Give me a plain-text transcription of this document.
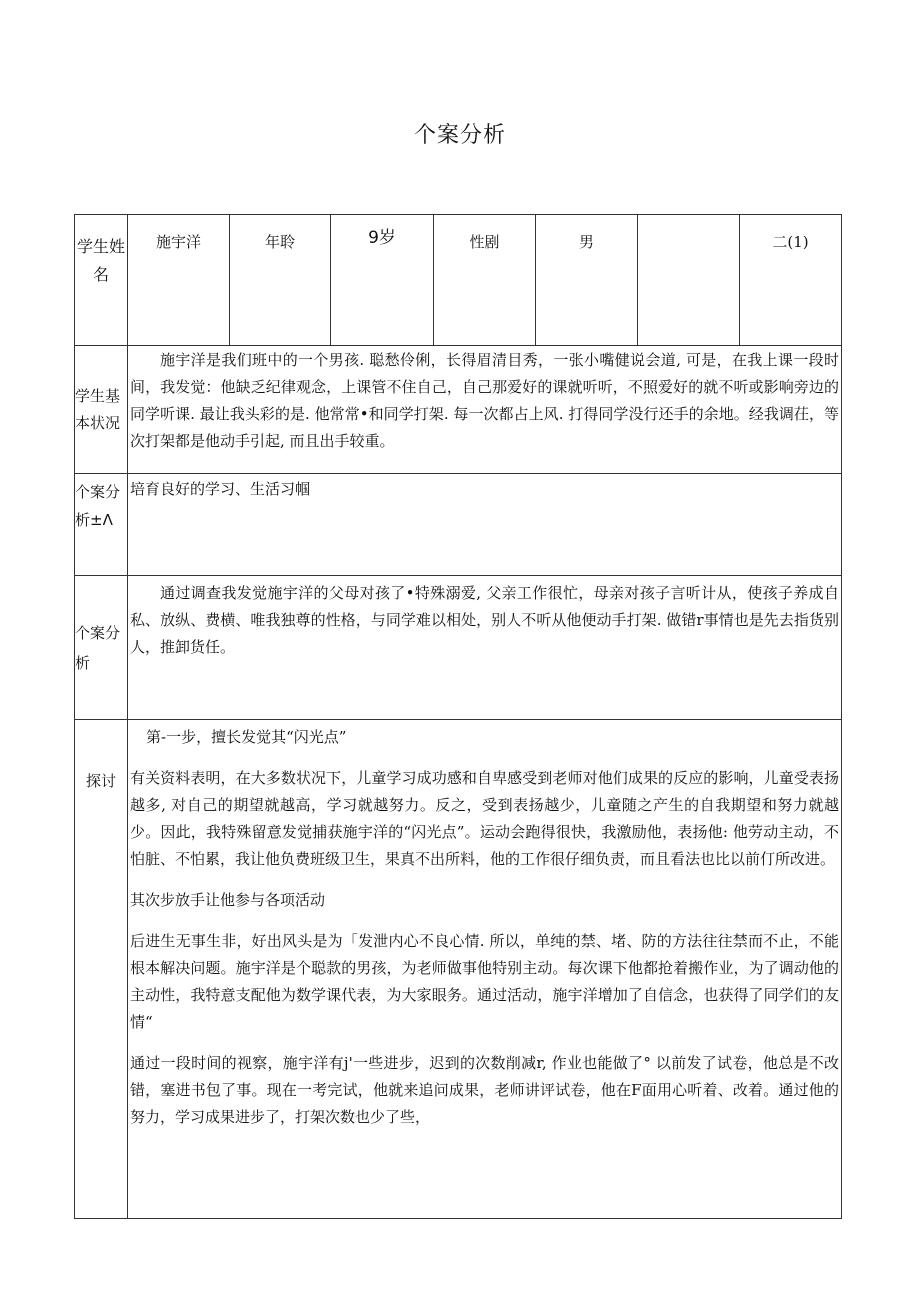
个案分析
学生姓名	施宇洋	年聆	9岁	性剧	男		二(1)
学生基本状况	施宇洋是我们班中的一个男孩. 聪愁伶俐，长得眉清目秀，一张小嘴健说会道, 可是，在我上课一段时间，我发觉：他缺乏纪律观念，上课管不住自己，自己那爱好的课就听听，不照爱好的就不听或影响旁边的同学听课. 最让我头彩的是. 他常常•和同学打架. 每一次都占上风. 打得同学没行还手的余地。经我调茌，等次打架都是他动手引起, 而且出手较重。						
个案分析±Λ	培育良好的学习、生活习帼						
个案分析	通过调查我发觉施宇洋的父母对孩了•特殊溺爱, 父亲工作很忙，母亲对孩子言听计从，使孩子养成自私、放纵、费横、唯我独尊的性格，与同学难以相处，别人不听从他便动手打架. 做错r事情也是先去指货别人，推卸货任。						
探讨	第-一步，擅长发觉其“闪光点”

有关资料表明，在大多数状况下，儿童学习成功感和自卑感受到老师对他们成果的反应的影响，儿童受表扬越多, 对自己的期望就越高，学习就越努力。反之，受到表扬越少，儿童随之产生的自我期望和努力就越少。因此，我特殊留意发觉捕获施宇洋的“闪光点”。运动会跑得很快，我激励他，表扬他: 他劳动主动，不怕脏、不怕累，我让他负费班级卫生，果真不出所料，他的工作很仔细负责，而且看法也比以前仃所改进。

其次步放手让他参与各项活动

后进生无事生非，好出风头是为「发泄内心不良心情. 所以，单纯的禁、堵、防的方法往往禁而不止，不能根本解决问题。施宇洋是个聪款的男孩，为老师做事他特别主动。每次课下他都抢着搬作业，为了调动他的主动性，我特意支配他为数学课代表，为大家眼务。通过活动，施宇洋增加了自信念，也获得了同学们的友情“

通过一段时间的视察，施宇洋有j'一些进步，迟到的次数削减r, 作业也能做了° 以前发了试卷，他总是不改错，塞进书包了事。现在一考完试，他就来追问成果，老师讲评试卷，他在F面用心听着、改着。通过他的努力，学习成果进步了，打架次数也少了些，						
